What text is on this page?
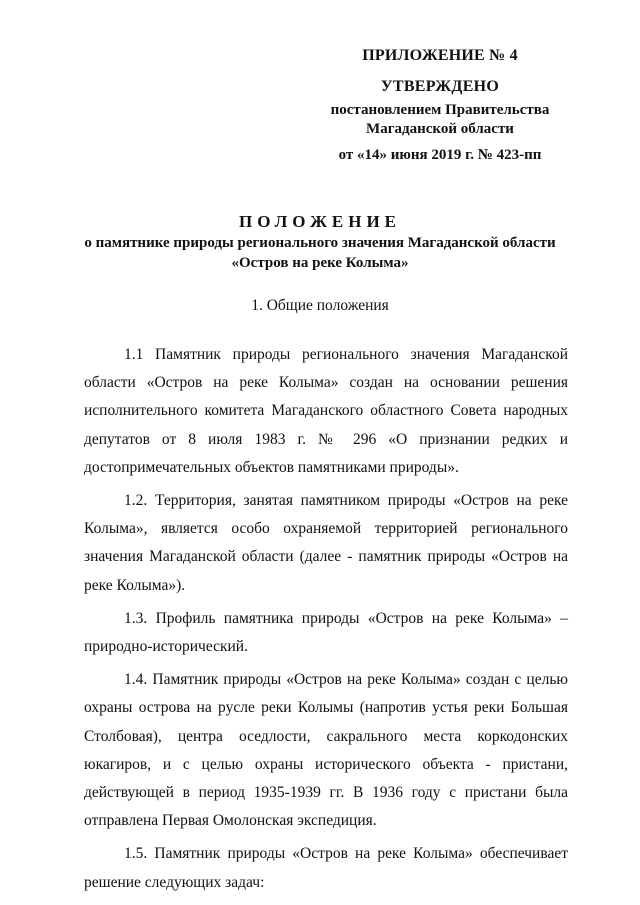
ПРИЛОЖЕНИЕ № 4
УТВЕРЖДЕНО
постановлением Правительства
Магаданской области
от «14» июня 2019 г. № 423-пп
ПОЛОЖЕНИЕ
о памятнике природы регионального значения Магаданской области
«Остров на реке Колыма»
1. Общие положения

1.1 Памятник природы регионального значения Магаданской области «Остров на реке Колыма» создан на основании решения исполнительного комитета Магаданского областного Совета народных депутатов от 8 июля 1983 г. № 296 «О признании редких и достопримечательных объектов памятниками природы».

1.2. Территория, занятая памятником природы «Остров на реке Колыма», является особо охраняемой территорией регионального значения Магаданской области (далее - памятник природы «Остров на реке Колыма»).

1.3. Профиль памятника природы «Остров на реке Колыма» – природно-исторический.

1.4. Памятник природы «Остров на реке Колыма» создан с целью охраны острова на русле реки Колымы (напротив устья реки Большая Столбовая), центра оседлости, сакрального места коркодонских юкагиров, и с целью охраны исторического объекта - пристани, действующей в период 1935-1939 гг. В 1936 году с пристани была отправлена Первая Омолонская экспедиция.

1.5. Памятник природы «Остров на реке Колыма» обеспечивает решение следующих задач:
